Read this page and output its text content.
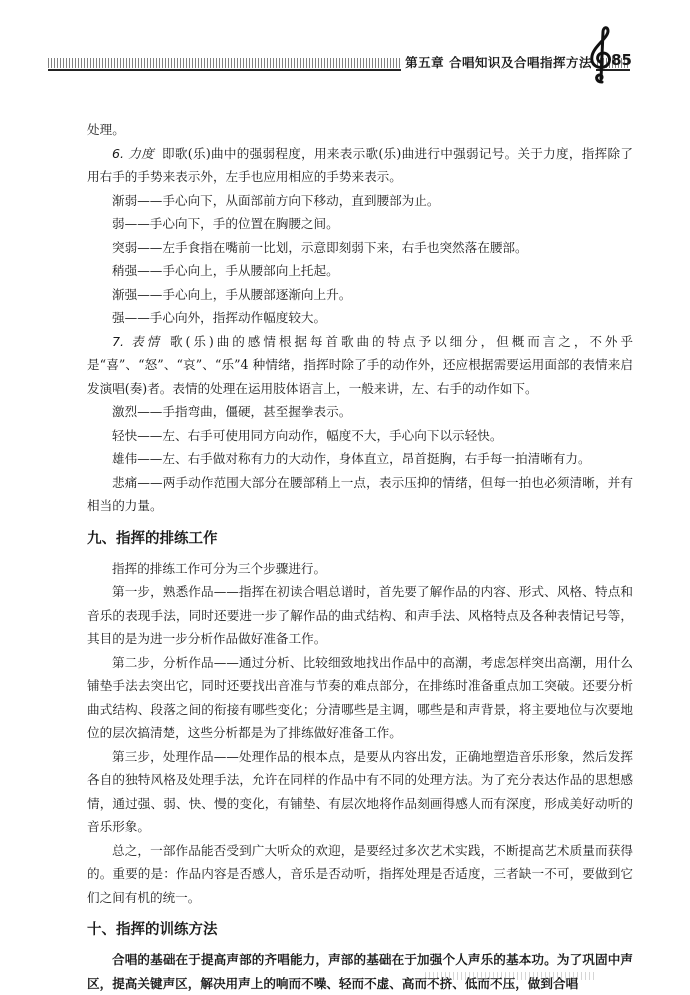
第五章 合唱知识及合唱指挥方法 85

处理。

6. 力度 即歌(乐)曲中的强弱程度，用来表示歌(乐)曲进行中强弱记号。关于力度，指挥除了用右手的手势来表示外，左手也应用相应的手势来表示。

渐弱——手心向下，从面部前方向下移动，直到腰部为止。

弱——手心向下，手的位置在胸腰之间。

突弱——左手食指在嘴前一比划，示意即刻弱下来，右手也突然落在腰部。

稍强——手心向上，手从腰部向上托起。

渐强——手心向上，手从腰部逐渐向上升。

强——手心向外，指挥动作幅度较大。

7. 表情 歌(乐)曲的感情根据每首歌曲的特点予以细分，但概而言之，不外乎是“喜”、“怒”、“哀”、“乐”4 种情绪，指挥时除了手的动作外，还应根据需要运用面部的表情来启发演唱(奏)者。表情的处理在运用肢体语言上，一般来讲，左、右手的动作如下。

激烈——手指弯曲，僵硬，甚至握拳表示。

轻快——左、右手可使用同方向动作，幅度不大，手心向下以示轻快。

雄伟——左、右手做对称有力的大动作，身体直立，昂首挺胸，右手每一拍清晰有力。

悲痛——两手动作范围大部分在腰部稍上一点，表示压抑的情绪，但每一拍也必须清晰，并有相当的力量。

九、指挥的排练工作

指挥的排练工作可分为三个步骤进行。

第一步，熟悉作品——指挥在初读合唱总谱时，首先要了解作品的内容、形式、风格、特点和音乐的表现手法，同时还要进一步了解作品的曲式结构、和声手法、风格特点及各种表情记号等，其目的是为进一步分析作品做好准备工作。

第二步，分析作品——通过分析、比较细致地找出作品中的高潮，考虑怎样突出高潮，用什么铺垫手法去突出它，同时还要找出音准与节奏的难点部分，在排练时准备重点加工突破。还要分析曲式结构、段落之间的衔接有哪些变化；分清哪些是主调，哪些是和声背景，将主要地位与次要地位的层次搞清楚，这些分析都是为了排练做好准备工作。

第三步，处理作品——处理作品的根本点，是要从内容出发，正确地塑造音乐形象，然后发挥各自的独特风格及处理手法，允许在同样的作品中有不同的处理方法。为了充分表达作品的思想感情，通过强、弱、快、慢的变化，有铺垫、有层次地将作品刻画得感人而有深度，形成美好动听的音乐形象。

总之，一部作品能否受到广大听众的欢迎，是要经过多次艺术实践，不断提高艺术质量而获得的。重要的是：作品内容是否感人，音乐是否动听，指挥处理是否适度，三者缺一不可，要做到它们之间有机的统一。

十、指挥的训练方法

合唱的基础在于提高声部的齐唱能力，声部的基础在于加强个人声乐的基本功。为了巩固中声区，提高关键声区，解决用声上的响而不噪、轻而不虚、高而不挤、低而不压，做到合唱
